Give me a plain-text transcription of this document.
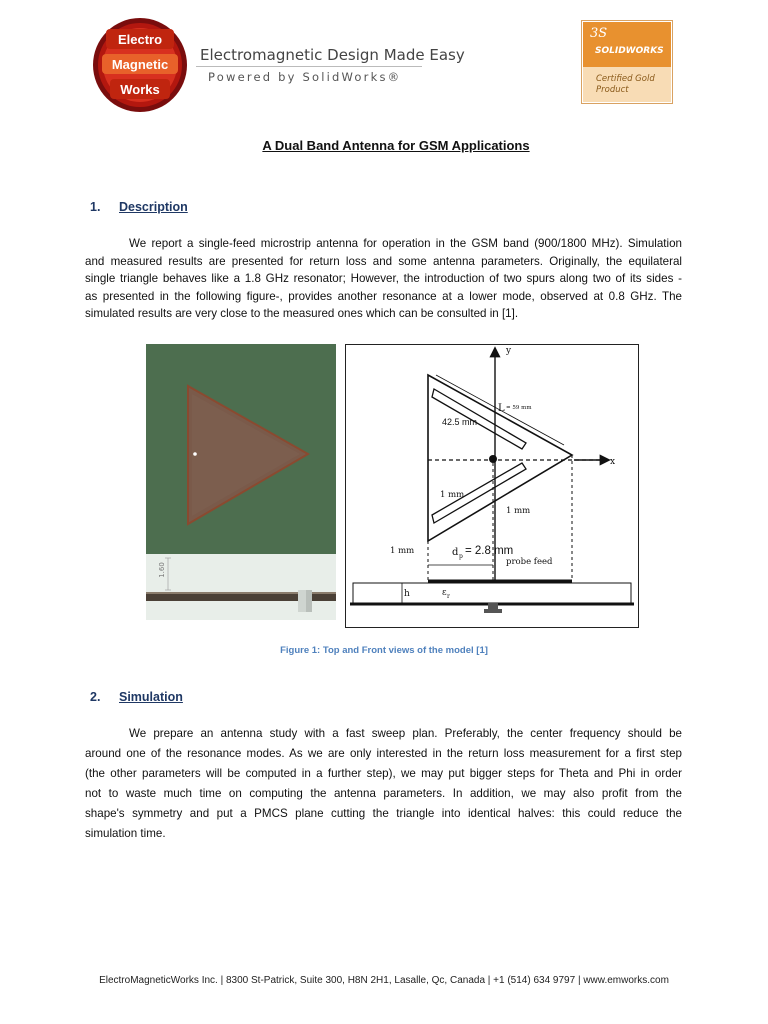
Electro
Magnetic
Works
Electromagnetic Design Made Easy
Powered by SolidWorks®
3S
SOLIDWORKS
Certified Gold
Product
A Dual Band Antenna for GSM Applications
1. Description
We report a single-feed microstrip antenna for operation in the GSM band (900/1800 MHz). Simulation
and measured results are presented for return loss and some antenna parameters. Originally, the equilateral
single triangle behaves like a 1.8 GHz resonator; However, the introduction of two spurs along two of its sides -
as presented in the following figure-, provides another resonance at a lower mode, observed at 0.8 GHz. The
simulated results are very close to the measured ones which can be consulted in [1].
1.60
y
x
L = 59 mm
42.5 mm
1 mm
1 mm
1 mm	d p = 2.8 mm
probe feed
h	ε r
Figure 1: Top and Front views of the model [1]
2. Simulation
We prepare an antenna study with a fast sweep plan. Preferably, the center frequency should be
around one of the resonance modes. As we are only interested in the return loss measurement for a first step
(the other parameters will be computed in a further step), we may put bigger steps for Theta and Phi in order
not to waste much time on computing the antenna parameters. In addition, we may also profit from the
shape's symmetry and put a PMCS plane cutting the triangle into identical halves: this could reduce the
simulation time.
ElectroMagneticWorks Inc. | 8300 St-Patrick, Suite 300, H8N 2H1, Lasalle, Qc, Canada | +1 (514) 634 9797 | www.emworks.com
